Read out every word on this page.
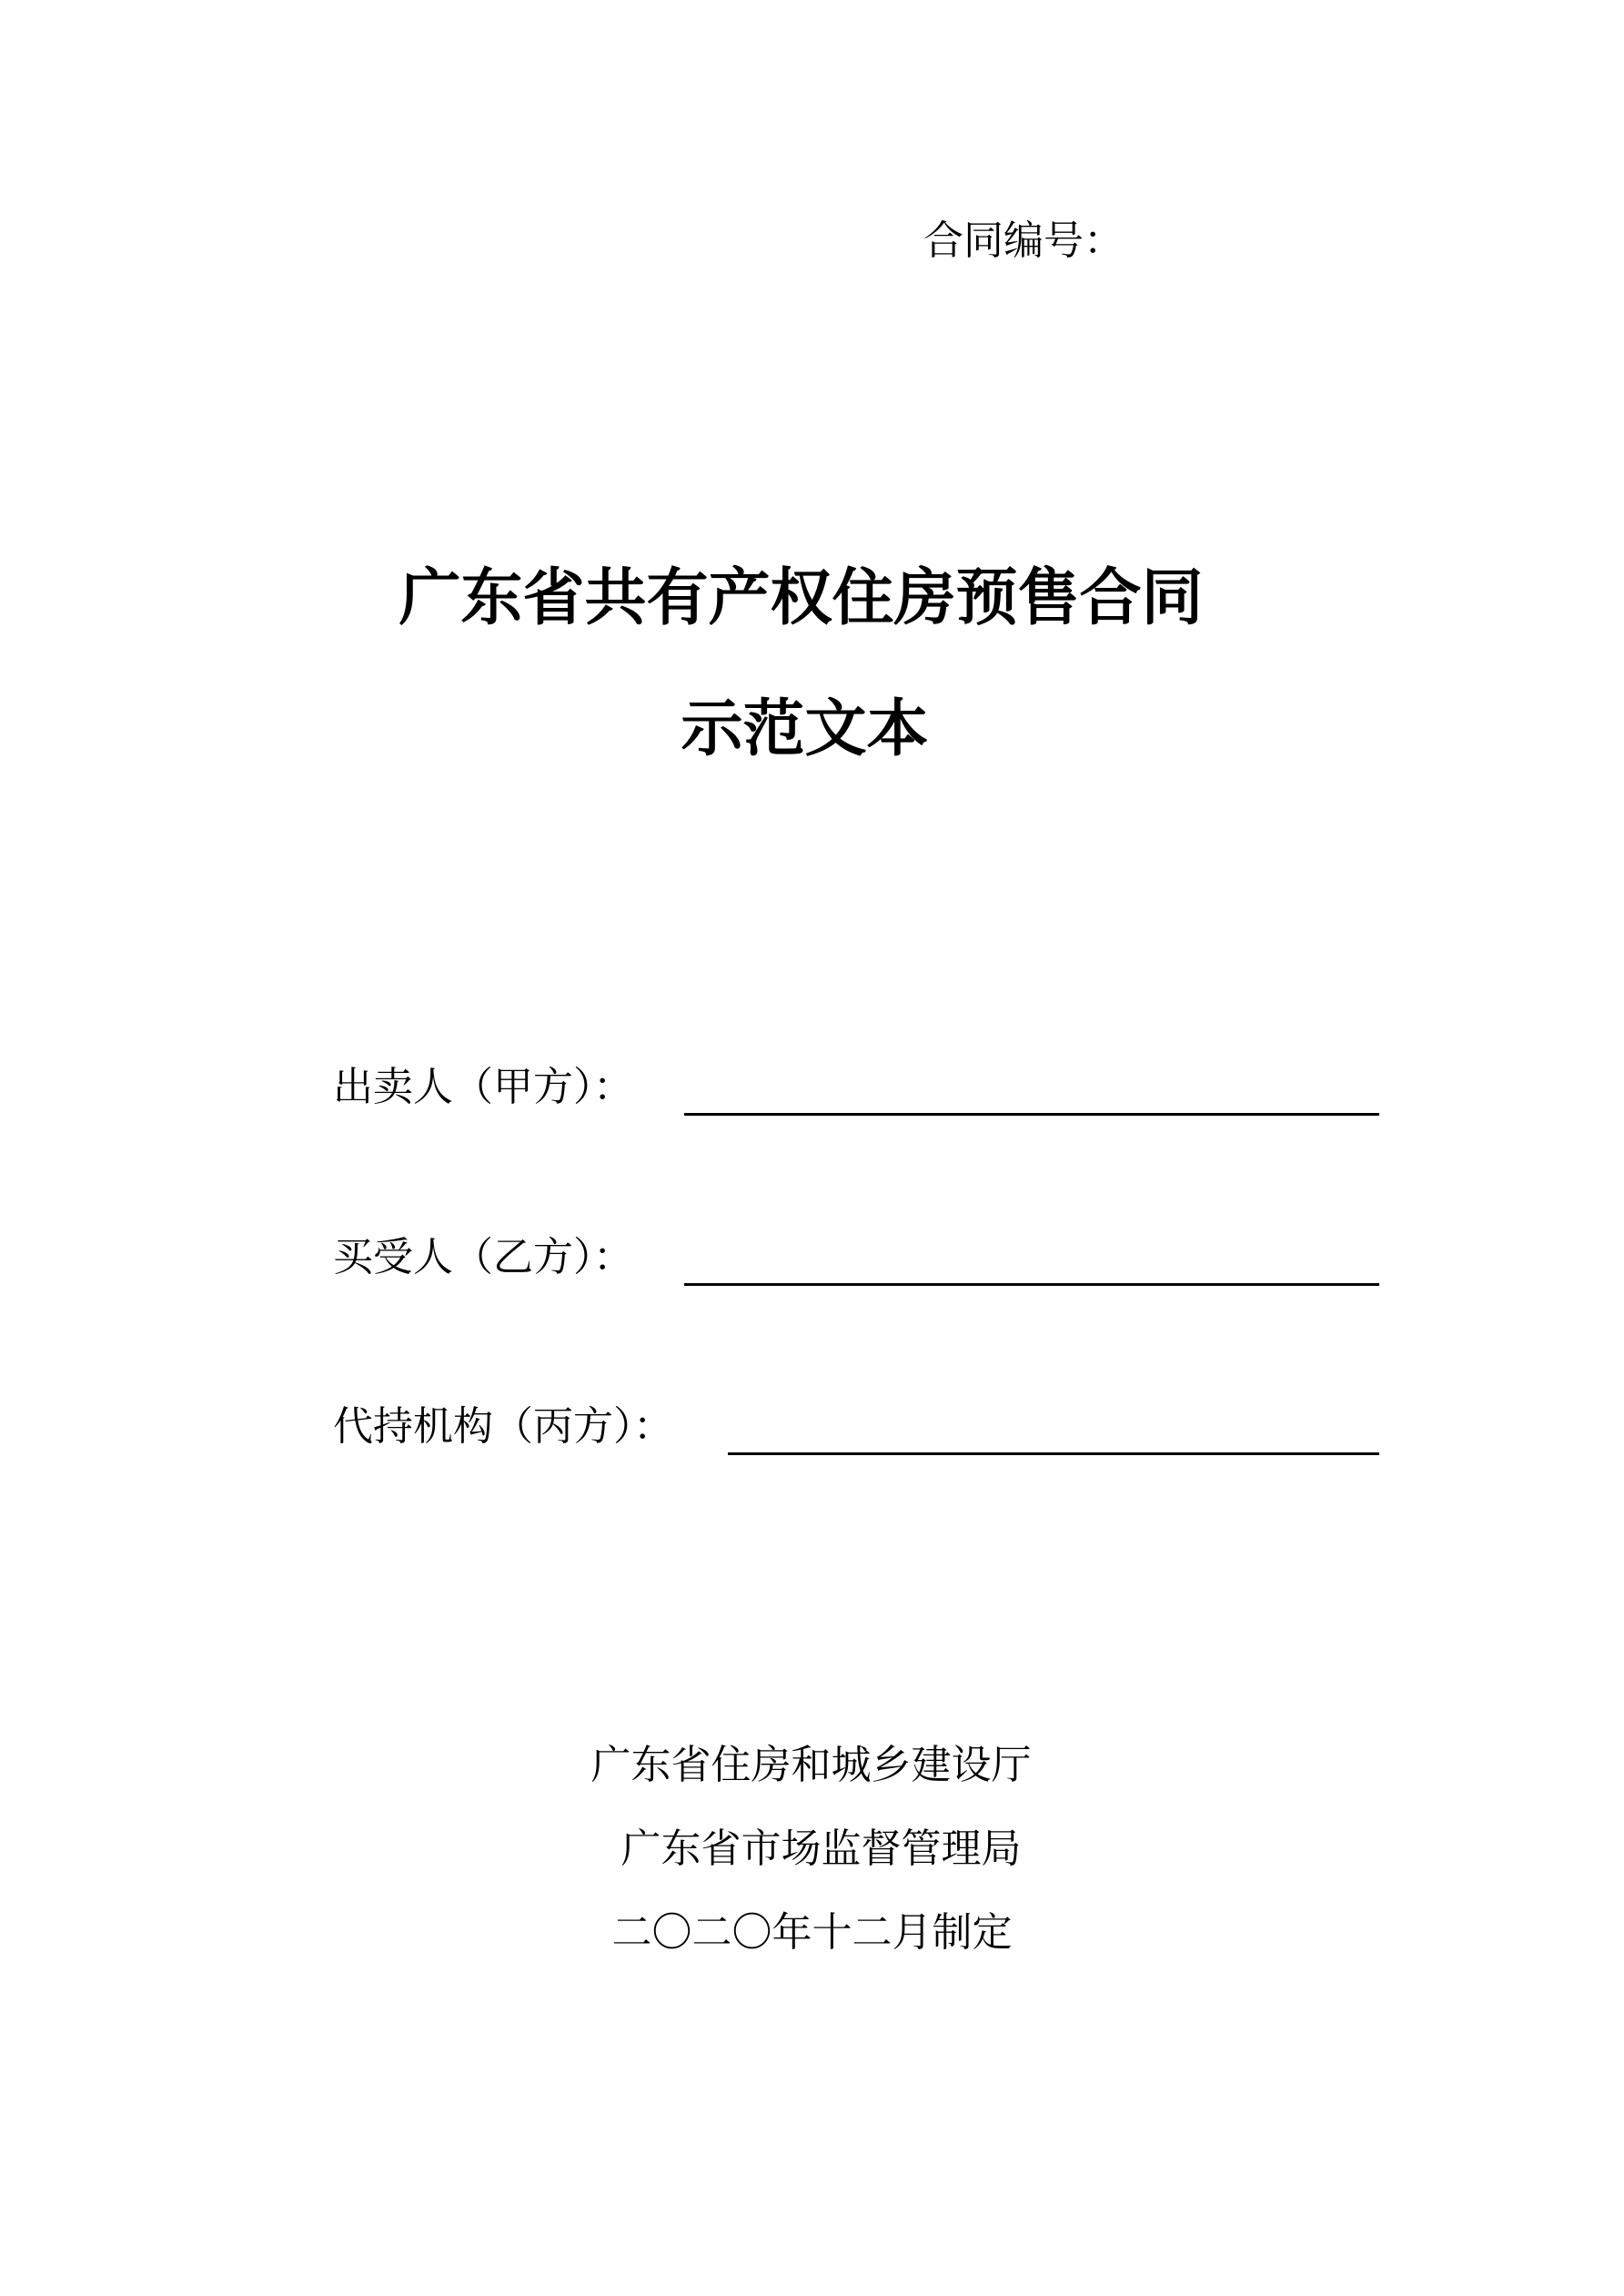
合同编号：
广东省共有产权住房预售合同
示范文本
出卖人（甲方）：
买受人（乙方）：
代持机构（丙方）：
广东省住房和城乡建设厅
广东省市场监督管理局
二〇二〇年十二月制定
